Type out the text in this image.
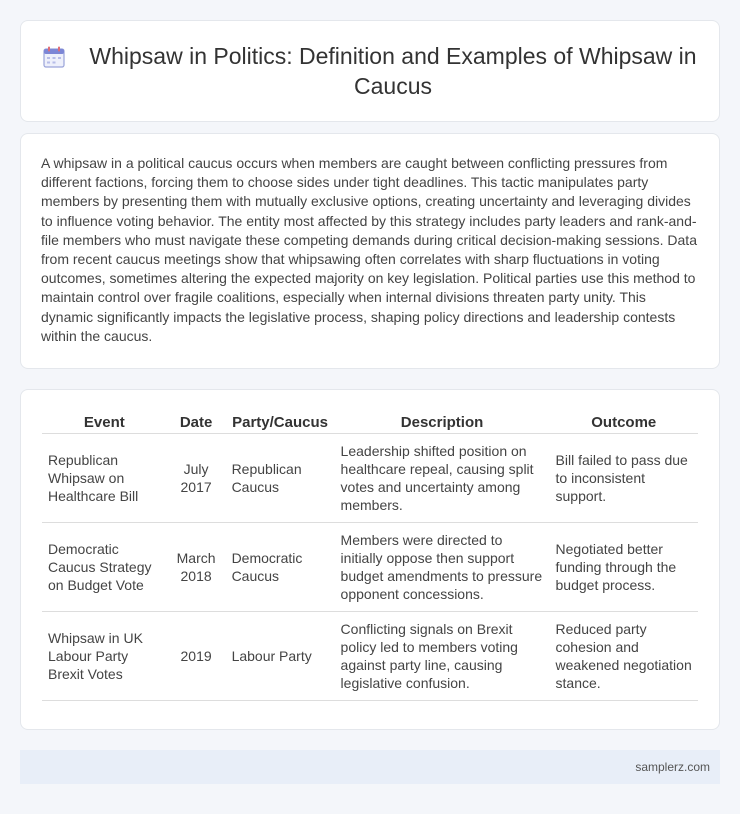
Whipsaw in Politics: Definition and Examples of Whipsaw in Caucus

A whipsaw in a political caucus occurs when members are caught between conflicting pressures from different factions, forcing them to choose sides under tight deadlines. This tactic manipulates party members by presenting them with mutually exclusive options, creating uncertainty and leveraging divides to influence voting behavior. The entity most affected by this strategy includes party leaders and rank-and-file members who must navigate these competing demands during critical decision-making sessions. Data from recent caucus meetings show that whipsawing often correlates with sharp fluctuations in voting outcomes, sometimes altering the expected majority on key legislation. Political parties use this method to maintain control over fragile coalitions, especially when internal divisions threaten party unity. This dynamic significantly impacts the legislative process, shaping policy directions and leadership contests within the caucus.

Event	Date	Party/Caucus	Description	Outcome
Republican Whipsaw on Healthcare Bill	July 2017	Republican Caucus	Leadership shifted position on healthcare repeal, causing split votes and uncertainty among members.	Bill failed to pass due to inconsistent support.
Democratic Caucus Strategy on Budget Vote	March 2018	Democratic Caucus	Members were directed to initially oppose then support budget amendments to pressure opponent concessions.	Negotiated better funding through the budget process.
Whipsaw in UK Labour Party Brexit Votes	2019	Labour Party	Conflicting signals on Brexit policy led to members voting against party line, causing legislative confusion.	Reduced party cohesion and weakened negotiation stance.
samplerz.com
